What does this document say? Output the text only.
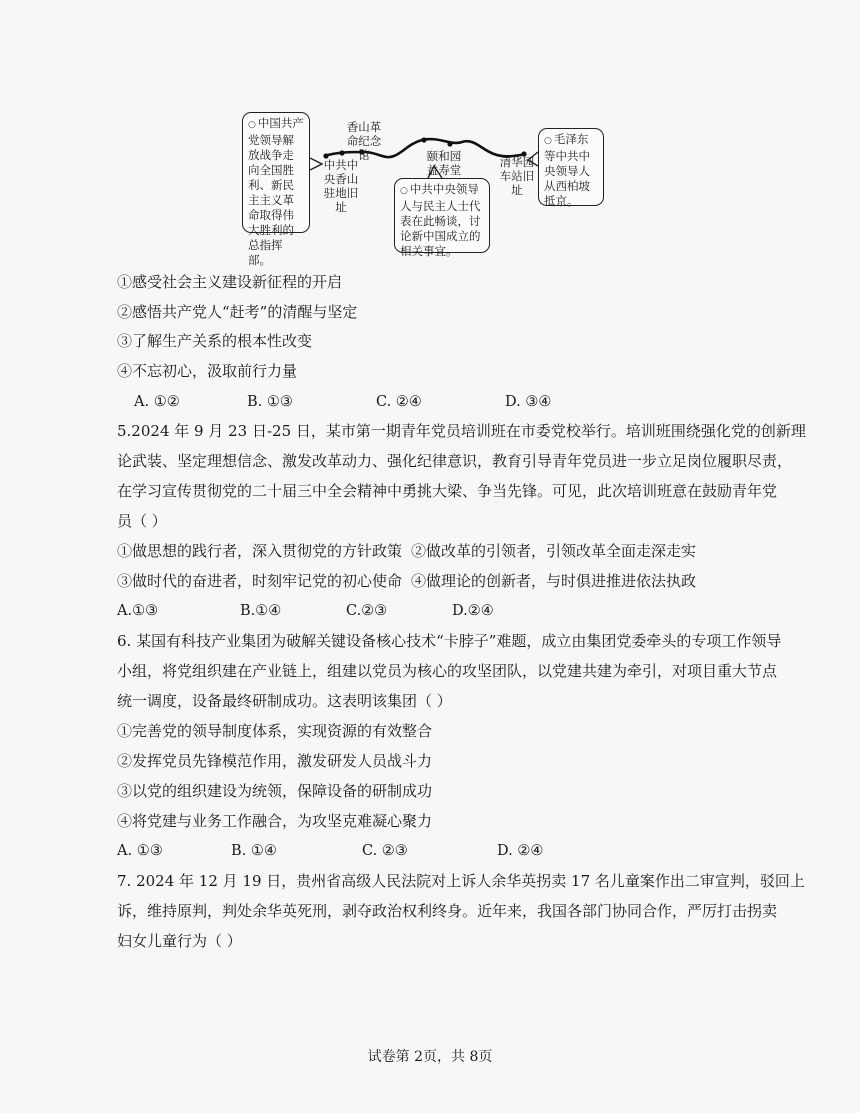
○ 中国共产党领导解放战争走向全国胜利、新民主主义革命取得伟大胜利的总指挥部。
○ 中共中央领导人与民主人士代表在此畅谈，讨论新中国成立的相关事宜。
○ 毛泽东等中共中央领导人从西柏坡抵京。
香山革命纪念馆
中共中央香山驻地旧址
颐和园益寿堂
清华园车站旧址
①感受社会主义建设新征程的开启
②感悟共产党人“赶考”的清醒与坚定
③了解生产关系的根本性改变
④不忘初心，汲取前行力量
A. ①②	B. ①③	C. ②④	D. ③④
5.2024 年 9 月 23 日-25 日，某市第一期青年党员培训班在市委党校举行。培训班围绕强化党的创新理
论武装、坚定理想信念、激发改革动力、强化纪律意识，教育引导青年党员进一步立足岗位履职尽责，
在学习宣传贯彻党的二十届三中全会精神中勇挑大梁、争当先锋。可见，此次培训班意在鼓励青年党
员（ ）
①做思想的践行者，深入贯彻党的方针政策 ②做改革的引领者，引领改革全面走深走实
③做时代的奋进者，时刻牢记党的初心使命 ④做理论的创新者，与时俱进推进依法执政
A.①③	B.①④	C.②③	D.②④
6. 某国有科技产业集团为破解关键设备核心技术“卡脖子”难题，成立由集团党委牵头的专项工作领导
小组，将党组织建在产业链上，组建以党员为核心的攻坚团队，以党建共建为牵引，对项目重大节点
统一调度，设备最终研制成功。这表明该集团（ ）
①完善党的领导制度体系，实现资源的有效整合
②发挥党员先锋模范作用，激发研发人员战斗力
③以党的组织建设为统领，保障设备的研制成功
④将党建与业务工作融合，为攻坚克难凝心聚力
A. ①③	B. ①④	C. ②③	D. ②④
7. 2024 年 12 月 19 日，贵州省高级人民法院对上诉人余华英拐卖 17 名儿童案作出二审宣判，驳回上
诉，维持原判，判处余华英死刑，剥夺政治权利终身。近年来，我国各部门协同合作，严厉打击拐卖
妇女儿童行为（ ）
试卷第 2页，共 8页
